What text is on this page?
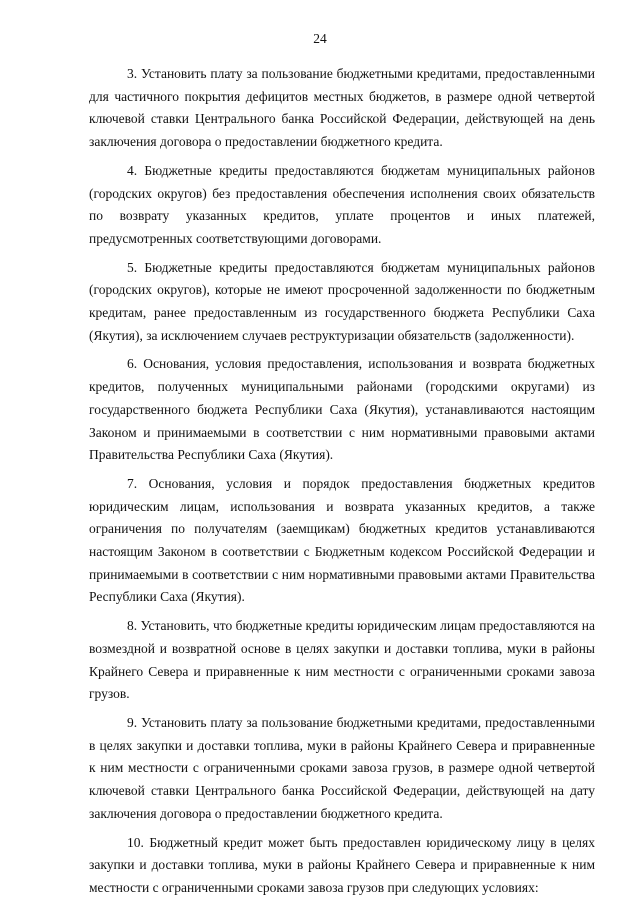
24

3. Установить плату за пользование бюджетными кредитами, предоставленными для частичного покрытия дефицитов местных бюджетов, в размере одной четвертой ключевой ставки Центрального банка Российской Федерации, действующей на день заключения договора о предоставлении бюджетного кредита.

4. Бюджетные кредиты предоставляются бюджетам муниципальных районов (городских округов) без предоставления обеспечения исполнения своих обязательств по возврату указанных кредитов, уплате процентов и иных платежей, предусмотренных соответствующими договорами.

5. Бюджетные кредиты предоставляются бюджетам муниципальных районов (городских округов), которые не имеют просроченной задолженности по бюджетным кредитам, ранее предоставленным из государственного бюджета Республики Саха (Якутия), за исключением случаев реструктуризации обязательств (задолженности).

6. Основания, условия предоставления, использования и возврата бюджетных кредитов, полученных муниципальными районами (городскими округами) из государственного бюджета Республики Саха (Якутия), устанавливаются настоящим Законом и принимаемыми в соответствии с ним нормативными правовыми актами Правительства Республики Саха (Якутия).

7. Основания, условия и порядок предоставления бюджетных кредитов юридическим лицам, использования и возврата указанных кредитов, а также ограничения по получателям (заемщикам) бюджетных кредитов устанавливаются настоящим Законом в соответствии с Бюджетным кодексом Российской Федерации и принимаемыми в соответствии с ним нормативными правовыми актами Правительства Республики Саха (Якутия).

8. Установить, что бюджетные кредиты юридическим лицам предоставляются на возмездной и возвратной основе в целях закупки и доставки топлива, муки в районы Крайнего Севера и приравненные к ним местности с ограниченными сроками завоза грузов.

9. Установить плату за пользование бюджетными кредитами, предоставленными в целях закупки и доставки топлива, муки в районы Крайнего Севера и приравненные к ним местности с ограниченными сроками завоза грузов, в размере одной четвертой ключевой ставки Центрального банка Российской Федерации, действующей на дату заключения договора о предоставлении бюджетного кредита.

10. Бюджетный кредит может быть предоставлен юридическому лицу в целях закупки и доставки топлива, муки в районы Крайнего Севера и приравненные к ним местности с ограниченными сроками завоза грузов при следующих условиях:
